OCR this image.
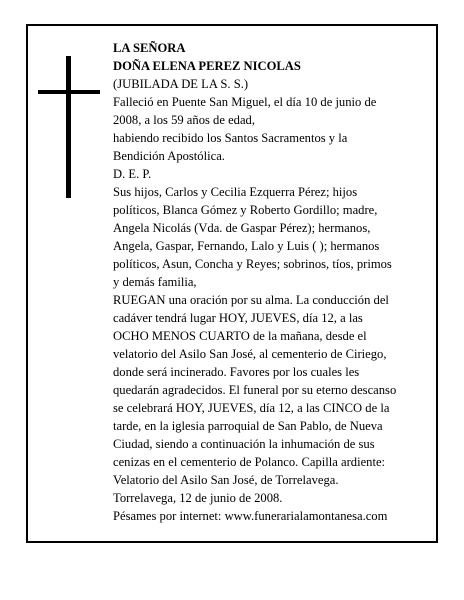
LA SEÑORA
DOÑA ELENA PEREZ NICOLAS
(JUBILADA DE LA S. S.)
Falleció en Puente San Miguel, el día 10 de junio de
2008, a los 59 años de edad,
habiendo recibido los Santos Sacramentos y la
Bendición Apostólica.
D. E. P.
Sus hijos, Carlos y Cecilia Ezquerra Pérez; hijos
políticos, Blanca Gómez y Roberto Gordillo; madre,
Angela Nicolás (Vda. de Gaspar Pérez); hermanos,
Angela, Gaspar, Fernando, Lalo y Luis ( ); hermanos
políticos, Asun, Concha y Reyes; sobrinos, tíos, primos
y demás familia,
RUEGAN una oración por su alma. La conducción del
cadáver tendrá lugar HOY, JUEVES, día 12, a las
OCHO MENOS CUARTO de la mañana, desde el
velatorio del Asilo San José, al cementerio de Ciriego,
donde será incinerado. Favores por los cuales les
quedarán agradecidos. El funeral por su eterno descanso
se celebrará HOY, JUEVES, día 12, a las CINCO de la
tarde, en la iglesia parroquial de San Pablo, de Nueva
Ciudad, siendo a continuación la inhumación de sus
cenizas en el cementerio de Polanco. Capilla ardiente:
Velatorio del Asilo San José, de Torrelavega.
Torrelavega, 12 de junio de 2008.
Pésames por internet: www.funerarialamontanesa.com
